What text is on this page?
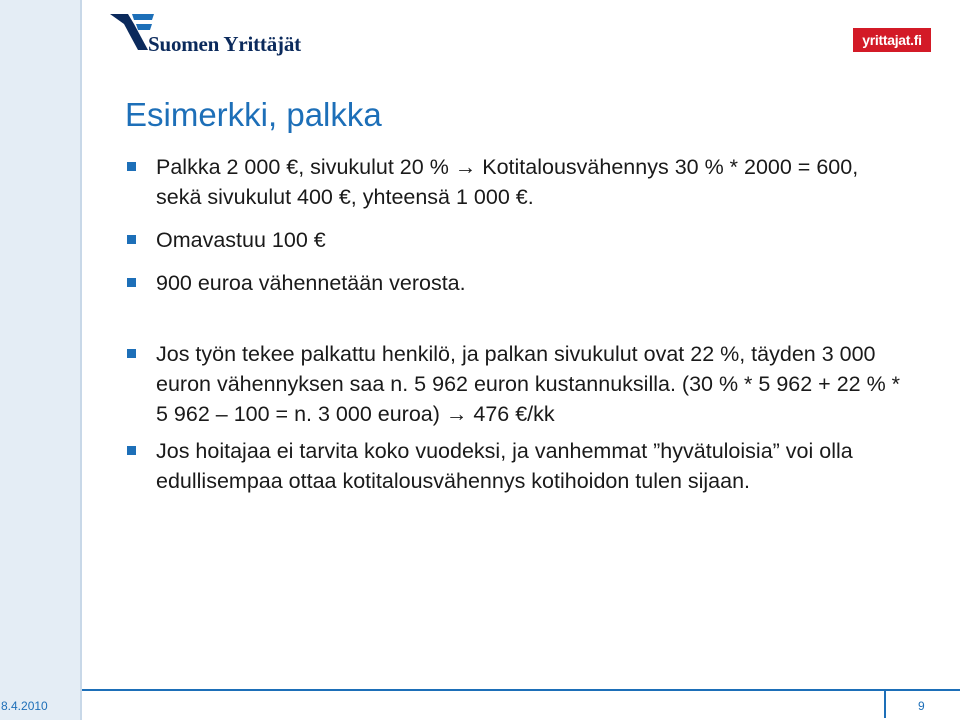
Suomen Yrittäjät	yrittajat.fi
Esimerkki, palkka
Palkka 2 000 €, sivukulut 20 % → Kotitalousvähennys 30 % * 2000 = 600, sekä sivukulut 400 €, yhteensä 1 000 €.
Omavastuu 100 €
900 euroa vähennetään verosta.
Jos työn tekee palkattu henkilö, ja palkan sivukulut ovat 22 %, täyden 3 000 euron vähennyksen saa n. 5 962 euron kustannuksilla. (30 % * 5 962 + 22 % * 5 962 – 100 = n. 3 000 euroa) → 476 €/kk
Jos hoitajaa ei tarvita koko vuodeksi, ja vanhemmat ”hyvätuloisia” voi olla edullisempaa ottaa kotitalousvähennys kotihoidon tulen sijaan.
8.4.2010	9
